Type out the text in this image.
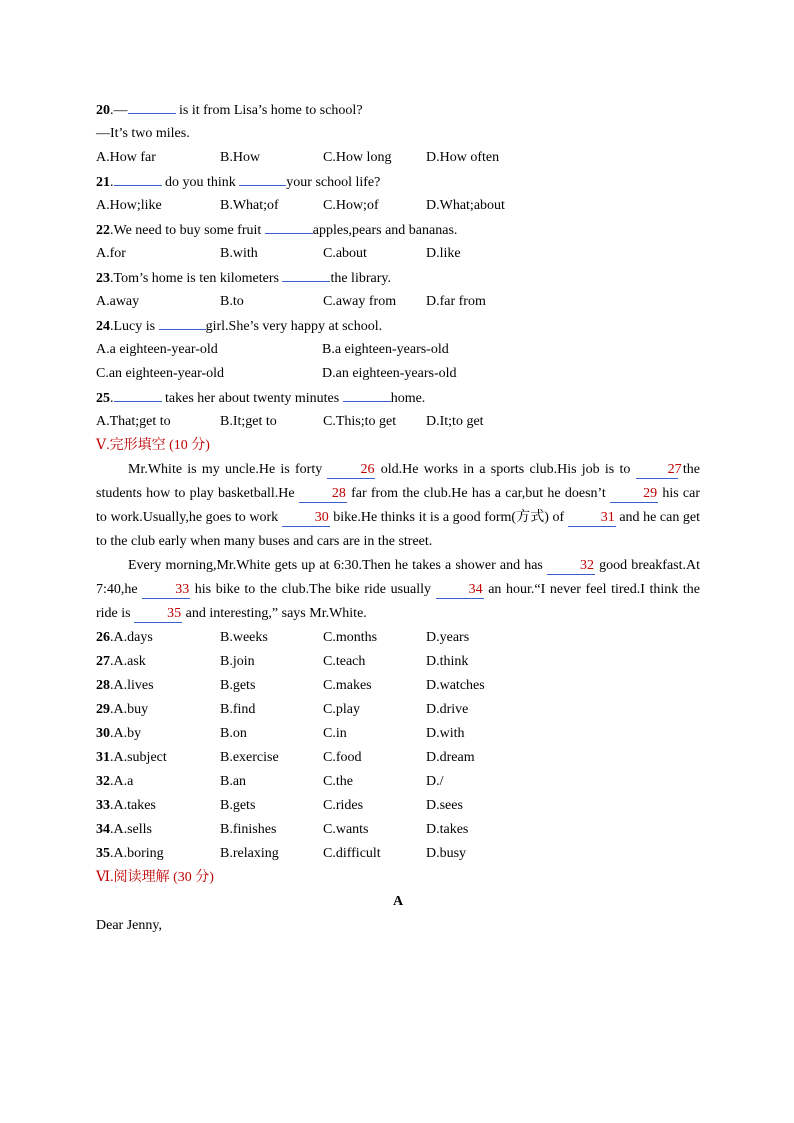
20.—	is it from Lisa’s home to school?
—It’s two miles.
A.How far	B.How	C.How long D.How often
21.	do you think	your school life?
A.How;like	B.What;of	C.How;of	D.What;about
22.We need to buy some fruit	apples,pears and bananas.
A.for	B.with	C.about	D.like
23.Tom’s home is ten kilometers	the library.
A.away	B.to	C.away from D.far from
24.Lucy is	girl.She’s very happy at school.
A.a eighteen-year-old	B.a eighteen-years-old
C.an eighteen-year-old	D.an eighteen-years-old
25.	takes her about twenty minutes	home.
A.That;get to	B.It;get to	C.This;to get D.It;to get
Ⅴ.完形填空 (10 分)
Mr.White is my uncle.He is forty 26 old.He works in a sports club.His job is to 27 the students how to play basketball.He 28 far from the club.He has a car,but he doesn’t 29 his car to work.Usually,he goes to work 30 bike.He thinks it is a good form(方式) of 31 and he can get to the club early when many buses and cars are in the street.
Every morning,Mr.White gets up at 6:30.Then he takes a shower and has 32 good breakfast.At 7:40,he 33 his bike to the club.The bike ride usually 34 an hour.“I never feel tired.I think the ride is 35 and interesting,” says Mr.White.
26.A.days	B.weeks	C.months	D.years
27.A.ask	B.join	C.teach	D.think
28.A.lives	B.gets	C.makes	D.watches
29.A.buy	B.find	C.play	D.drive
30.A.by	B.on	C.in	D.with
31.A.subject	B.exercise	C.food	D.dream
32.A.a	B.an	C.the	D./
33.A.takes	B.gets	C.rides	D.sees
34.A.sells	B.finishes	C.wants	D.takes
35.A.boring	B.relaxing	C.difficult	D.busy
Ⅵ.阅读理解 (30 分)
A
Dear Jenny,
